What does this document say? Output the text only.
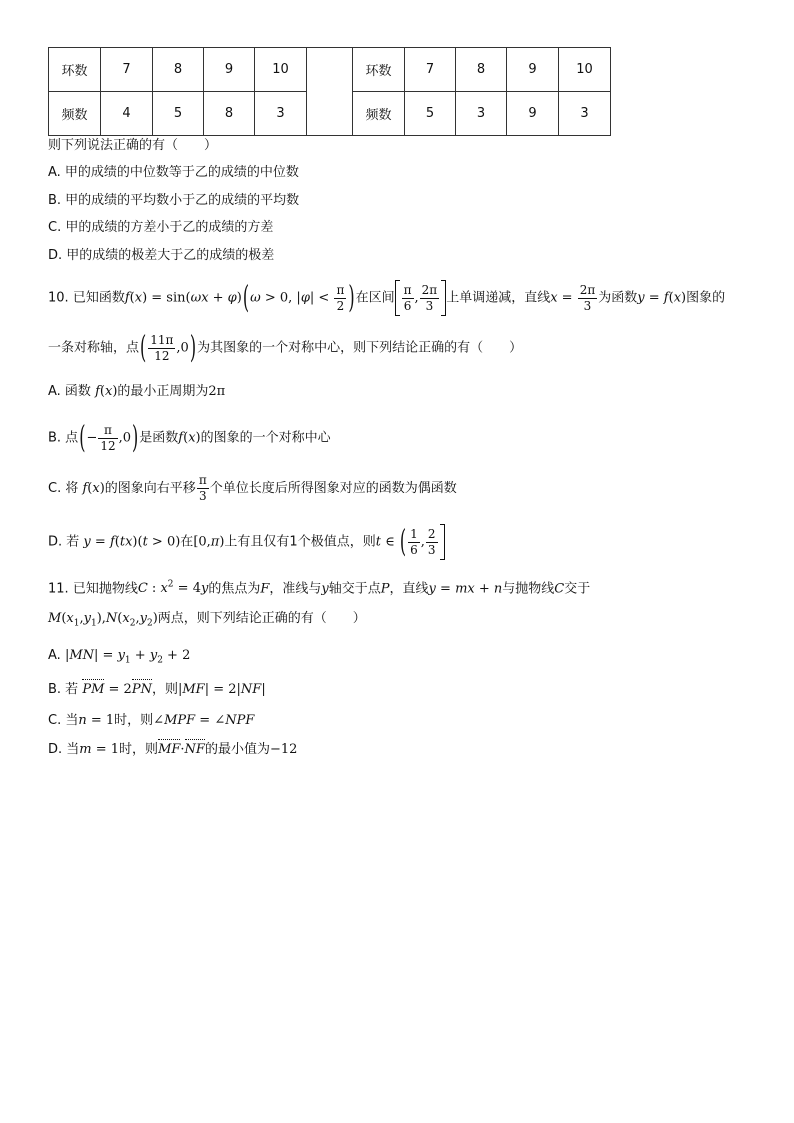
环数	7	8	9	10		环数	7	8	9	10
频数	4	5	8	3		频数	5	3	9	3
则下列说法正确的有（　　）
A. 甲的成绩的中位数等于乙的成绩的中位数
B. 甲的成绩的平均数小于乙的成绩的平均数
C. 甲的成绩的方差小于乙的成绩的方差
D. 甲的成绩的极差大于乙的成绩的极差
10. 已知函数f(x) = sin(ωx + φ)(ω > 0, $|\varphi| < \frac{\pi}{2}$ )在区间 $\frac{\pi}{6}$ , $\frac{2\pi}{3}$ 上单调递减，直线$x = \frac{2\pi}{3}$ 为函数y = f(x)图象的
一条对称轴，点( $\frac{11\pi}{12} ,0$)为其图象的一个对称中心，则下列结论正确的有（　　）
A. 函数 f(x)的最小正周期为2π
B. 点(− $\frac{\pi}{12} ,0$)是函数f(x)的图象的一个对称中心
C. 将 f(x)的图象向右平移 $\frac{\pi}{3}$ 个单位长度后所得图象对应的函数为偶函数
D. 若 y = f(tx)(t > 0)在[0,π)上有且仅有1个极值点，则t ∈ ( $\frac{1}{6}$ , $\frac{2}{3}$
11. 已知抛物线C : $x^2 = 4y$的焦点为F，准线与y轴交于点P，直线y = mx + n与抛物线C交于
$M(x_1,y_1),N(x_2,y_2)$两点，则下列结论正确的有（　　）
A. $|MN| = y_1 + y_2 + 2$
B. 若 PM = 2PN，则|MF| = 2|NF|
C. 当n = 1时，则∠MPF = ∠NPF
D. 当m = 1时，则MF·NF的最小值为−12
